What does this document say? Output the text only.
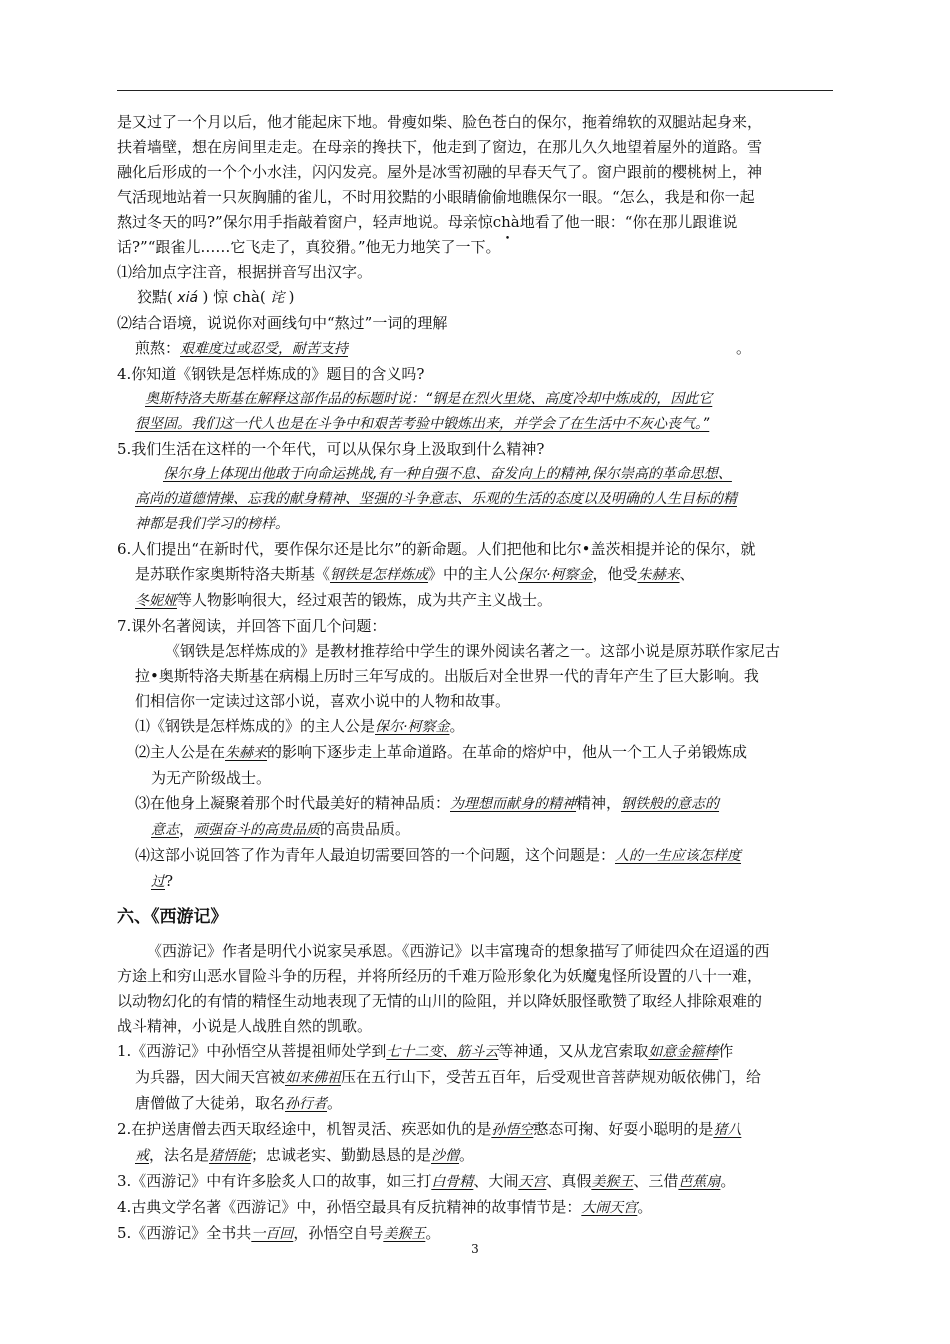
是又过了一个月以后，他才能起床下地。骨瘦如柴、脸色苍白的保尔，拖着绵软的双腿站起身来，

扶着墙壁，想在房间里走走。在母亲的搀扶下，他走到了窗边，在那儿久久地望着屋外的道路。雪

融化后形成的一个个小水洼，闪闪发亮。屋外是冰雪初融的早春天气了。窗户跟前的樱桃树上，神

气活现地站着一只灰胸脯的雀儿，不时用狡黠的小眼睛偷偷地瞧保尔一眼。“怎么，我是和你一起

熬过冬天的吗?”保尔用手指敲着窗户，轻声地说。母亲惊chà •地看了他一眼：“你在那儿跟谁说

话?”“跟雀儿……它飞走了，真狡猾。”他无力地笑了一下。

⑴给加点字注音，根据拼音写出汉字。

狡黠( xiá ) 惊 chà( 诧 )

⑵结合语境，说说你对画线句中“熬过”一词的理解

煎熬：艰难度过或忍受，耐苦支持	。

4.你知道《钢铁是怎样炼成的》题目的含义吗?

奥斯特洛夫斯基在解释这部作品的标题时说：“钢是在烈火里烧、高度冷却中炼成的，因此它

很坚固。我们这一代人也是在斗争中和艰苦考验中锻炼出来，并学会了在生活中不灰心丧气。”

5.我们生活在这样的一个年代，可以从保尔身上汲取到什么精神?

保尔身上体现出他敢于向命运挑战,有一种自强不息、奋发向上的精神,保尔崇高的革命思想、

高尚的道德情操、忘我的献身精神、坚强的斗争意志、乐观的生活的态度以及明确的人生目标的精

神都是我们学习的榜样。

6.人们提出“在新时代，要作保尔还是比尔”的新命题。人们把他和比尔•盖茨相提并论的保尔，就

是苏联作家奥斯特洛夫斯基《钢铁是怎样炼成》中的主人公保尔·柯察金，他受朱赫来、

冬妮娅等人物影响很大，经过艰苦的锻炼，成为共产主义战士。

7.课外名著阅读，并回答下面几个问题：

《钢铁是怎样炼成的》是教材推荐给中学生的课外阅读名著之一。这部小说是原苏联作家尼古

拉•奥斯特洛夫斯基在病榻上历时三年写成的。出版后对全世界一代的青年产生了巨大影响。我

们相信你一定读过这部小说，喜欢小说中的人物和故事。

⑴《钢铁是怎样炼成的》的主人公是保尔·柯察金。

⑵主人公是在朱赫来的影响下逐步走上革命道路。在革命的熔炉中，他从一个工人子弟锻炼成

为无产阶级战士。

⑶在他身上凝聚着那个时代最美好的精神品质：为理想而献身的精神精神，钢铁般的意志的

意志，顽强奋斗的高贵品质的高贵品质。

⑷这部小说回答了作为青年人最迫切需要回答的一个问题，这个问题是：人的一生应该怎样度

过?

六、《西游记》

《西游记》作者是明代小说家吴承恩。《西游记》以丰富瑰奇的想象描写了师徒四众在迢遥的西

方途上和穷山恶水冒险斗争的历程，并将所经历的千难万险形象化为妖魔鬼怪所设置的八十一难，

以动物幻化的有情的精怪生动地表现了无情的山川的险阻，并以降妖服怪歌赞了取经人排除艰难的

战斗精神，小说是人战胜自然的凯歌。

1.《西游记》中孙悟空从菩提祖师处学到七十二变、筋斗云等神通，又从龙宫索取如意金箍棒作

为兵器，因大闹天宫被如来佛祖压在五行山下，受苦五百年，后受观世音菩萨规劝皈依佛门，给

唐僧做了大徒弟，取名孙行者。

2.在护送唐僧去西天取经途中，机智灵活、疾恶如仇的是孙悟空憨态可掬、好耍小聪明的是猪八

戒，法名是猪悟能；忠诚老实、勤勤恳恳的是沙僧。

3.《西游记》中有许多脍炙人口的故事，如三打白骨精、大闹天宫、真假美猴王、三借芭蕉扇。

4.古典文学名著《西游记》中，孙悟空最具有反抗精神的故事情节是：大闹天宫。

5.《西游记》全书共一百回，孙悟空自号美猴王。

3
